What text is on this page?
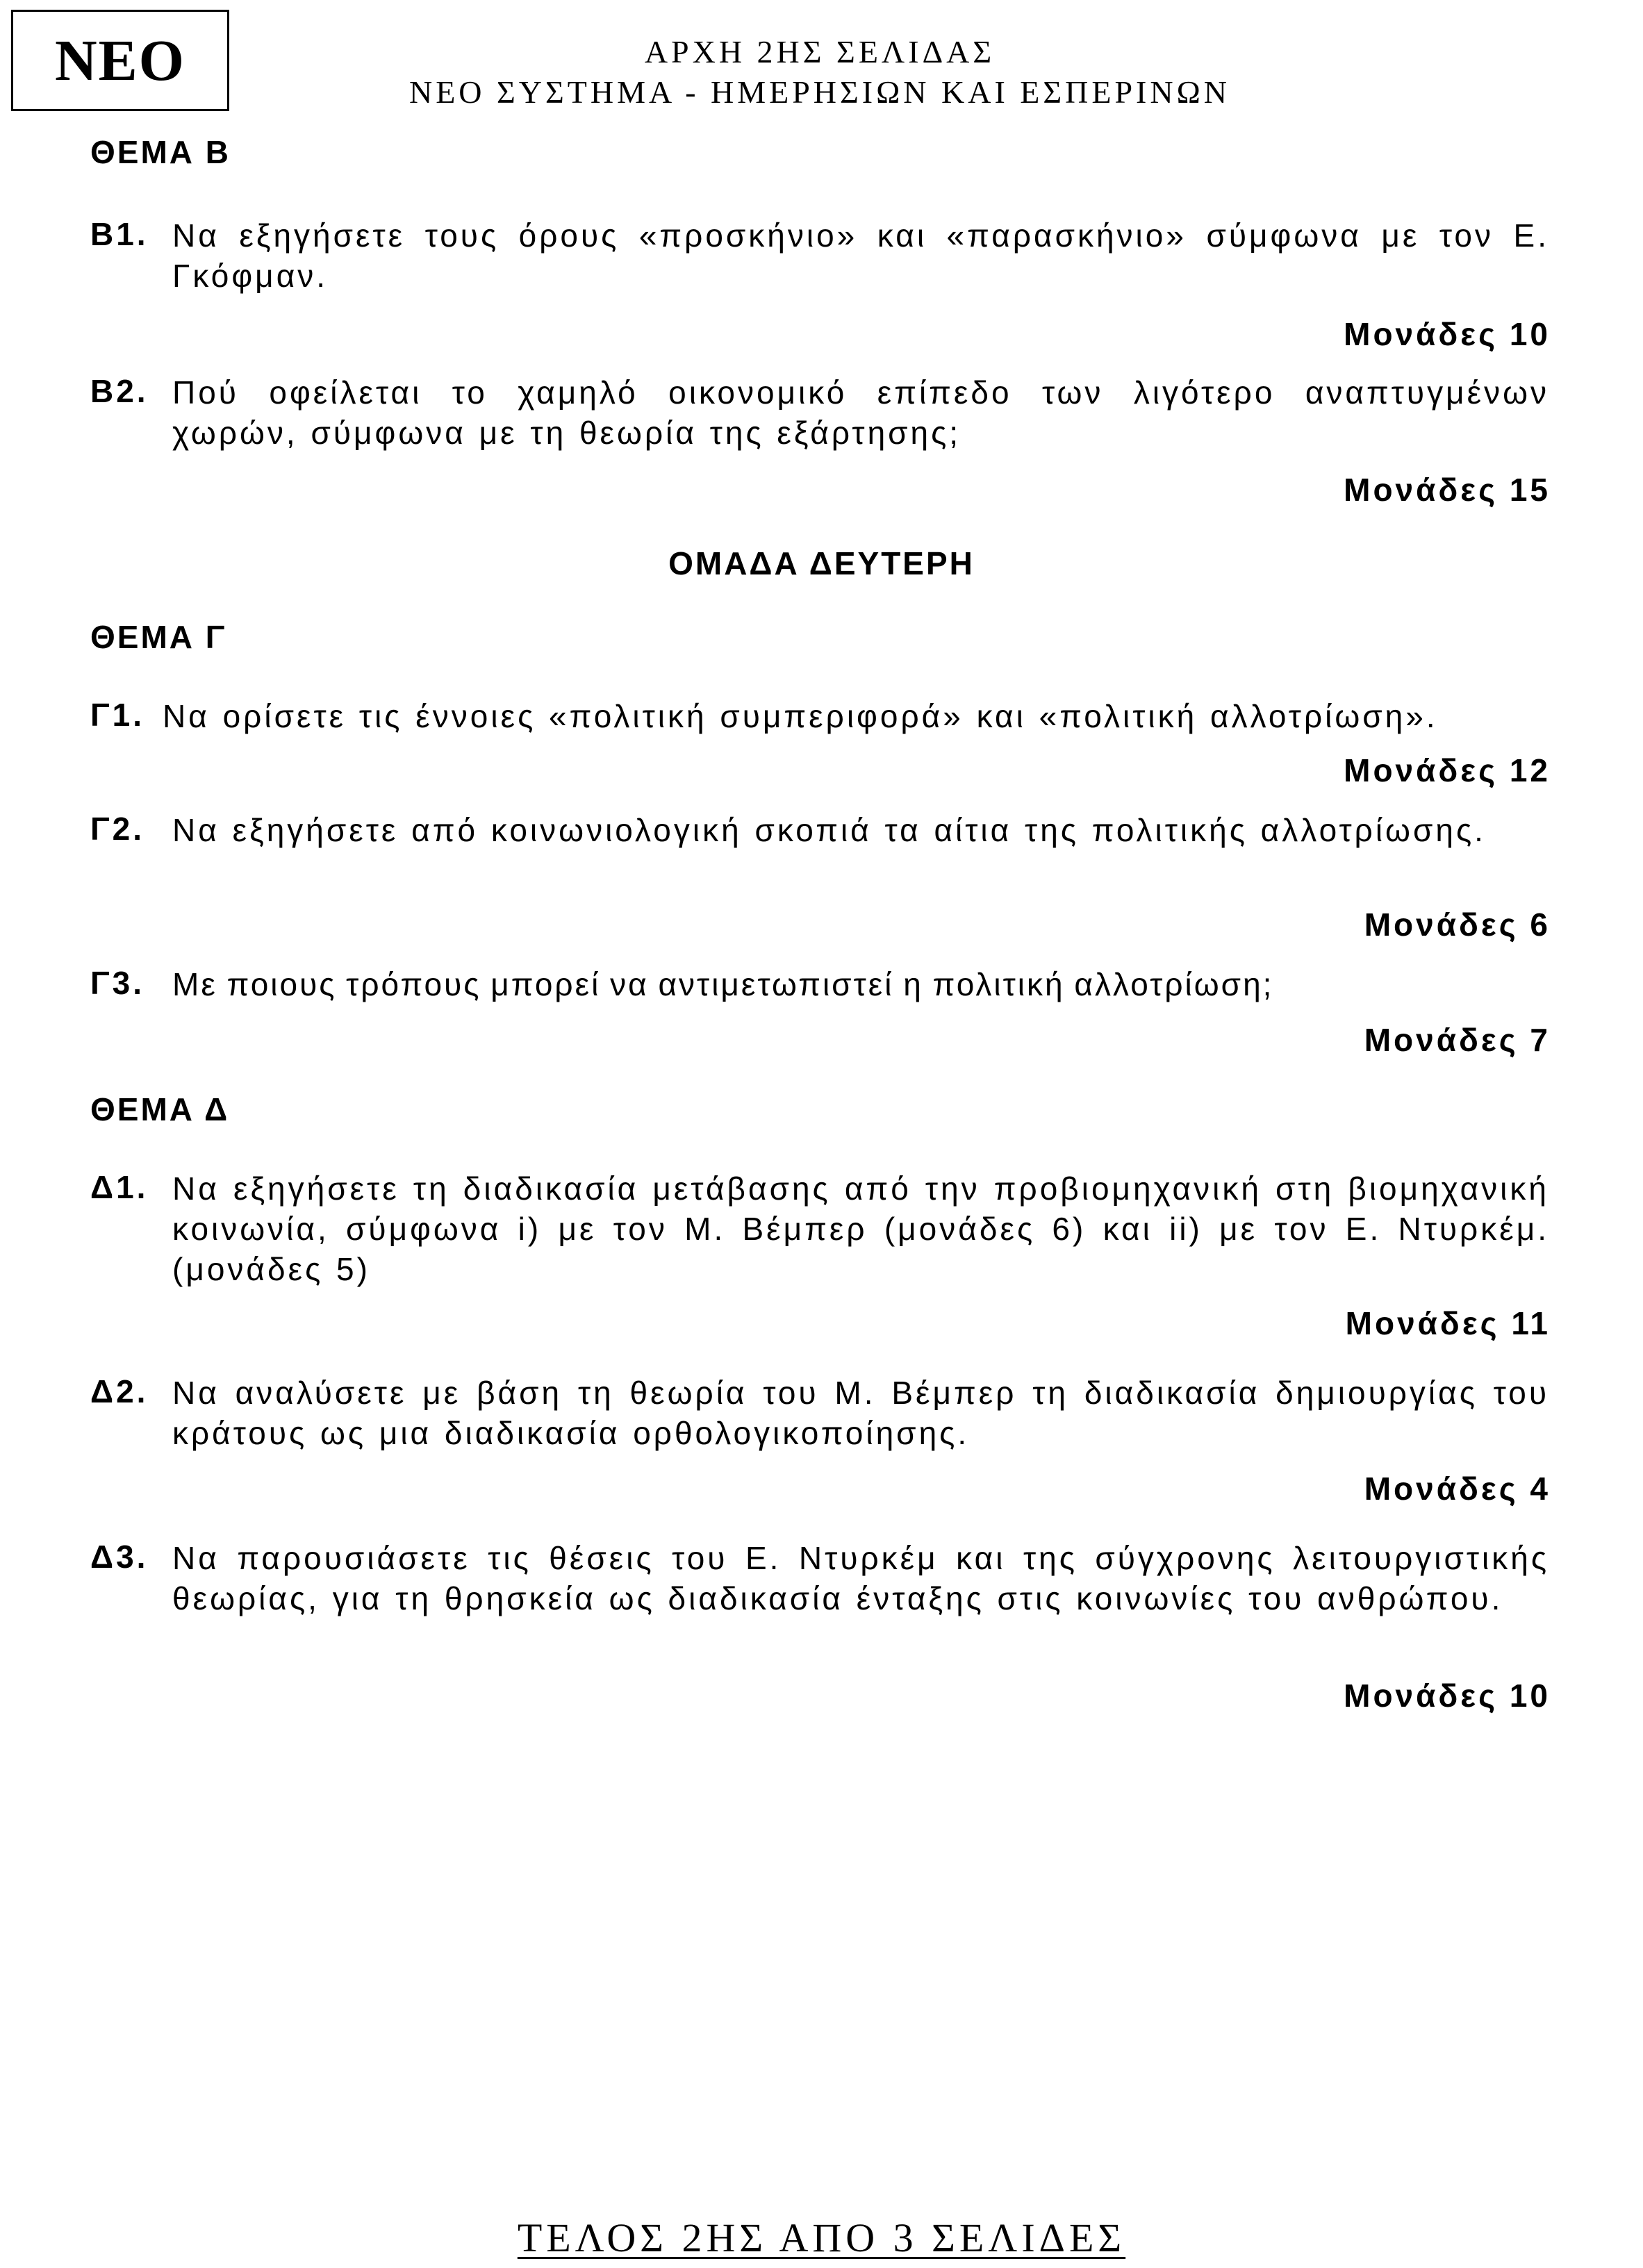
ΝΕΟ	ΑΡΧΗ 2ΗΣ ΣΕΛΙΔΑΣ
ΝΕΟ ΣΥΣΤΗΜΑ - ΗΜΕΡΗΣΙΩΝ ΚΑΙ ΕΣΠΕΡΙΝΩΝ
ΘΕΜΑ Β
Β1. Να εξηγήσετε τους όρους «προσκήνιο» και «παρασκήνιο» σύμφωνα με τον Ε. Γκόφμαν.
Μονάδες 10
Β2. Πού οφείλεται το χαμηλό οικονομικό επίπεδο των λιγότερο αναπτυγμένων χωρών, σύμφωνα με τη θεωρία της εξάρτησης;
Μονάδες 15
ΟΜΑΔΑ ΔΕΥΤΕΡΗ
ΘΕΜΑ Γ
Γ1. Να ορίσετε τις έννοιες «πολιτική συμπεριφορά» και «πολιτική αλλοτρίωση».
Μονάδες 12
Γ2. Να εξηγήσετε από κοινωνιολογική σκοπιά τα αίτια της πολιτικής αλλοτρίωσης.
Μονάδες 6
Γ3. Με ποιους τρόπους μπορεί να αντιμετωπιστεί η πολιτική αλλοτρίωση;
Μονάδες 7
ΘΕΜΑ Δ
Δ1. Να εξηγήσετε τη διαδικασία μετάβασης από την προβιομηχανική στη βιομηχανική κοινωνία, σύμφωνα i) με τον Μ. Βέμπερ (μονάδες 6) και ii) με τον Ε. Ντυρκέμ. (μονάδες 5)
Μονάδες 11
Δ2. Να αναλύσετε με βάση τη θεωρία του Μ. Βέμπερ τη διαδικασία δημιουργίας του κράτους ως μια διαδικασία ορθολογικοποίησης.
Μονάδες 4
Δ3. Να παρουσιάσετε τις θέσεις του Ε. Ντυρκέμ και της σύγχρονης λειτουργιστικής θεωρίας, για τη θρησκεία ως διαδικασία ένταξης στις κοινωνίες του ανθρώπου.
Μονάδες 10
ΤΕΛΟΣ 2ΗΣ ΑΠΟ 3 ΣΕΛΙΔΕΣ
